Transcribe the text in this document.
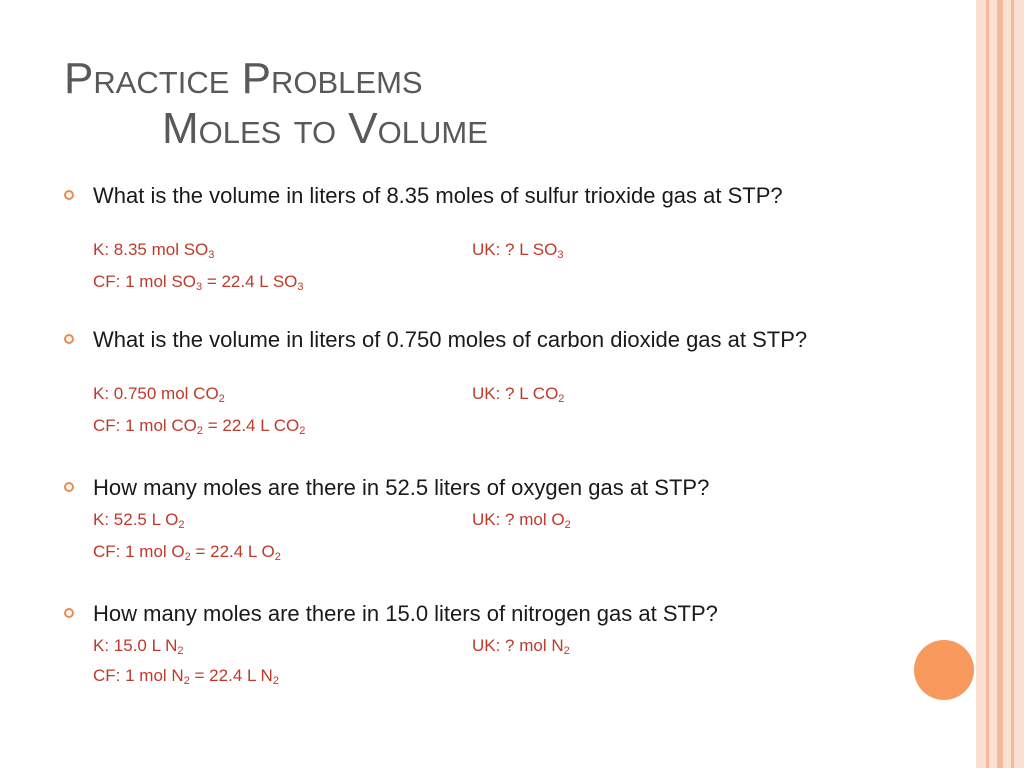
Practice Problems
Moles to Volume
What is the volume in liters of 8.35 moles of sulfur trioxide gas at STP?
K: 8.35 mol $SO_3$	UK: ? L $SO_3$
CF: 1 mol $SO_3 = 22.4$ L $SO_3$
What is the volume in liters of 0.750 moles of carbon dioxide gas at STP?
K: 0.750 mol $CO_2$	UK: ? L $CO_2$
CF: 1 mol $CO_2 = 22.4$ L $CO_2$
How many moles are there in 52.5 liters of oxygen gas at STP?
K: 52.5 L $O_2$	UK: ? mol $O_2$
CF: 1 mol $O_2 = 22.4$ L $O_2$
How many moles are there in 15.0 liters of nitrogen gas at STP?
K: 15.0 L $N_2$	UK: ? mol $N_2$
CF: 1 mol $N_2 = 22.4$ L $N_2$
